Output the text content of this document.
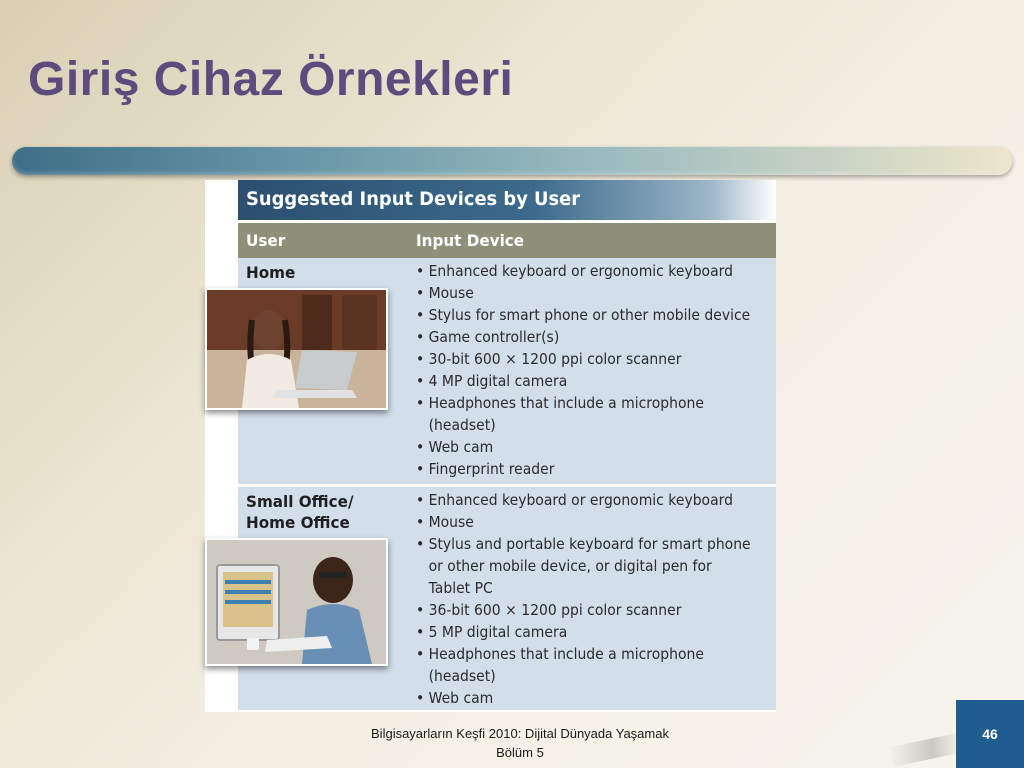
Giriş Cihaz Örnekleri
Suggested Input Devices by User
User	Input Device

Home

•	Enhanced keyboard or ergonomic keyboard
• Mouse
• Stylus for smart phone or other mobile device
• Game controller(s)
• 30-bit 600 × 1200 ppi color scanner
• 4 MP digital camera
• Headphones that include a microphone
(headset)
• Web cam
• Fingerprint reader

Small Office/
Home Office

• Enhanced keyboard or ergonomic keyboard
• Mouse
• Stylus and portable keyboard for smart phone
or other mobile device, or digital pen for
Tablet PC
• 36-bit 600 × 1200 ppi color scanner
• 5 MP digital camera
• Headphones that include a microphone
(headset)
• Web cam
Bilgisayarların Keşfi 2010: Dijital Dünyada Yaşamak
Bölüm 5
46
